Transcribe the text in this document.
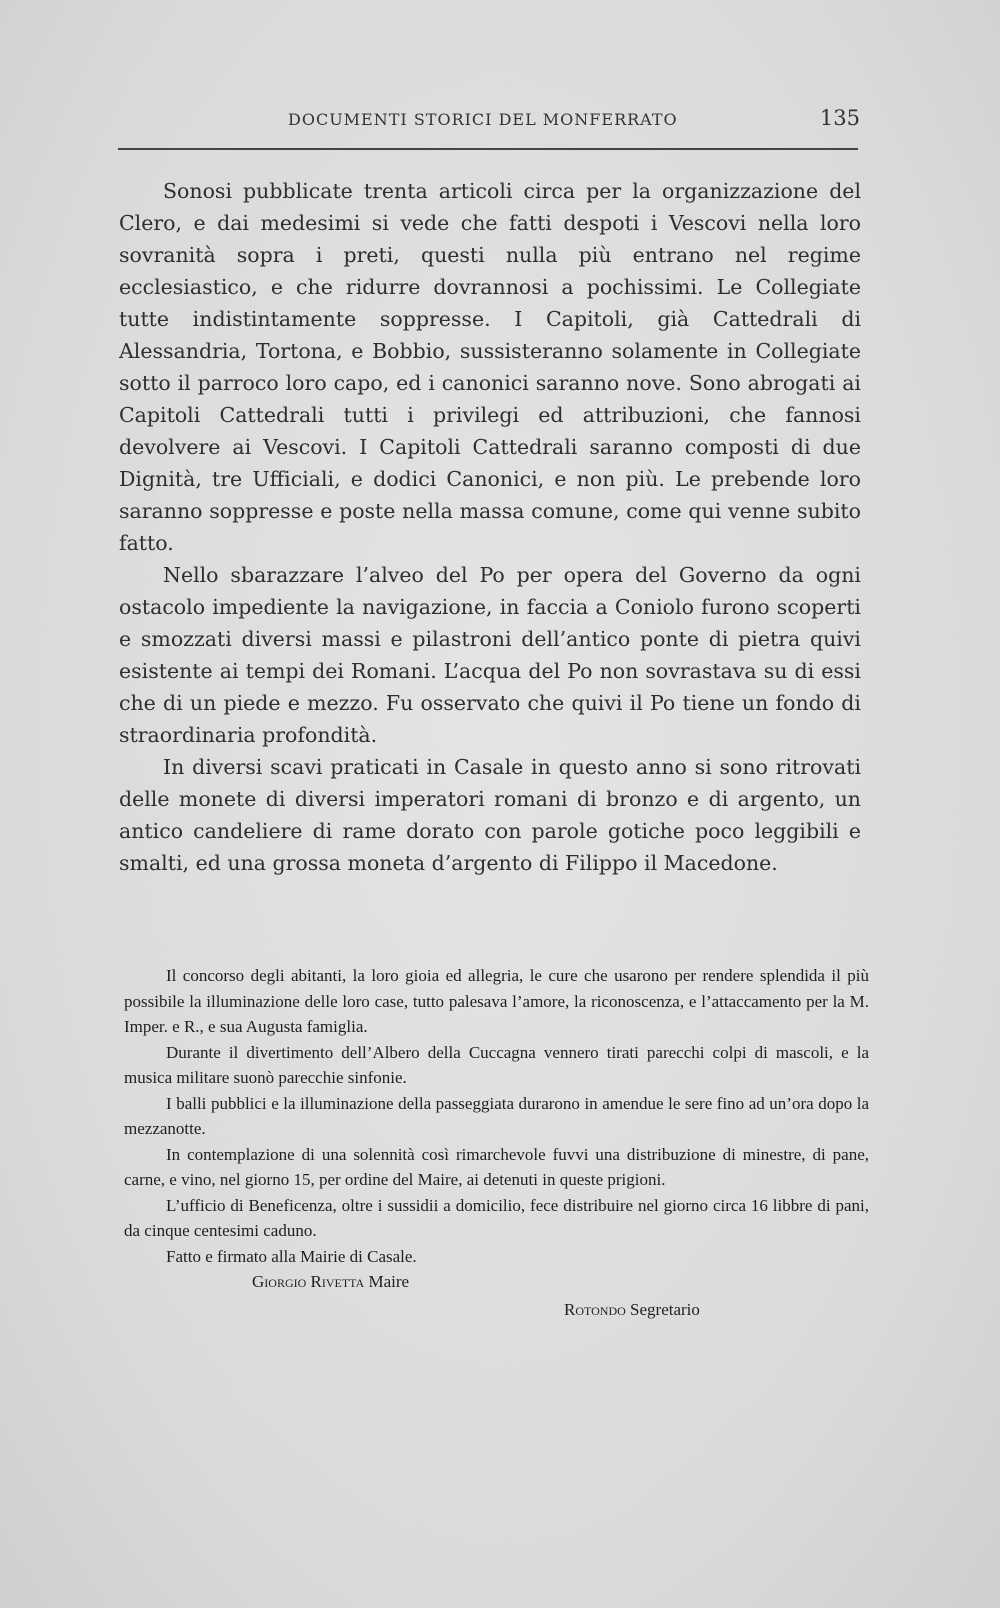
DOCUMENTI STORICI DEL MONFERRATO	135

Sonosi pubblicate trenta articoli circa per la organizzazione del Clero, e dai medesimi si vede che fatti despoti i Vescovi nella loro sovranità sopra i preti, questi nulla più entrano nel regime ecclesiastico, e che ridurre dovrannosi a pochissimi. Le Collegiate tutte indistintamente soppresse. I Capitoli, già Cattedrali di Alessandria, Tortona, e Bobbio, sussisteranno solamente in Collegiate sotto il parroco loro capo, ed i canonici saranno nove. Sono abrogati ai Capitoli Cattedrali tutti i privilegi ed attribuzioni, che fannosi devolvere ai Vescovi. I Capitoli Cattedrali saranno composti di due Dignità, tre Ufficiali, e dodici Canonici, e non più. Le prebende loro saranno soppresse e poste nella massa comune, come qui venne subito fatto.

Nello sbarazzare l’alveo del Po per opera del Governo da ogni ostacolo impediente la navigazione, in faccia a Coniolo furono scoperti e smozzati diversi massi e pilastroni dell’antico ponte di pietra quivi esistente ai tempi dei Romani. L’acqua del Po non sovrastava su di essi che di un piede e mezzo. Fu osservato che quivi il Po tiene un fondo di straordinaria profondità.

In diversi scavi praticati in Casale in questo anno si sono ritrovati delle monete di diversi imperatori romani di bronzo e di argento, un antico candeliere di rame dorato con parole gotiche poco leggibili e smalti, ed una grossa moneta d’argento di Filippo il Macedone.

Il concorso degli abitanti, la loro gioia ed allegria, le cure che usarono per rendere splendida il più possibile la illuminazione delle loro case, tutto palesava l’amore, la riconoscenza, e l’attaccamento per la M. Imper. e R., e sua Augusta famiglia.

Durante il divertimento dell’Albero della Cuccagna vennero tirati parecchi colpi di mascoli, e la musica militare suonò parecchie sinfonie.

I balli pubblici e la illuminazione della passeggiata durarono in amendue le sere fino ad un’ora dopo la mezzanotte.

In contemplazione di una solennità così rimarchevole fuvvi una distribuzione di minestre, di pane, carne, e vino, nel giorno 15, per ordine del Maire, ai detenuti in queste prigioni.

L’ufficio di Beneficenza, oltre i sussidii a domicilio, fece distribuire nel giorno circa 16 libbre di pani, da cinque centesimi caduno.

Fatto e firmato alla Mairie di Casale.

Giorgio Rivetta Maire

Rotondo Segretario
